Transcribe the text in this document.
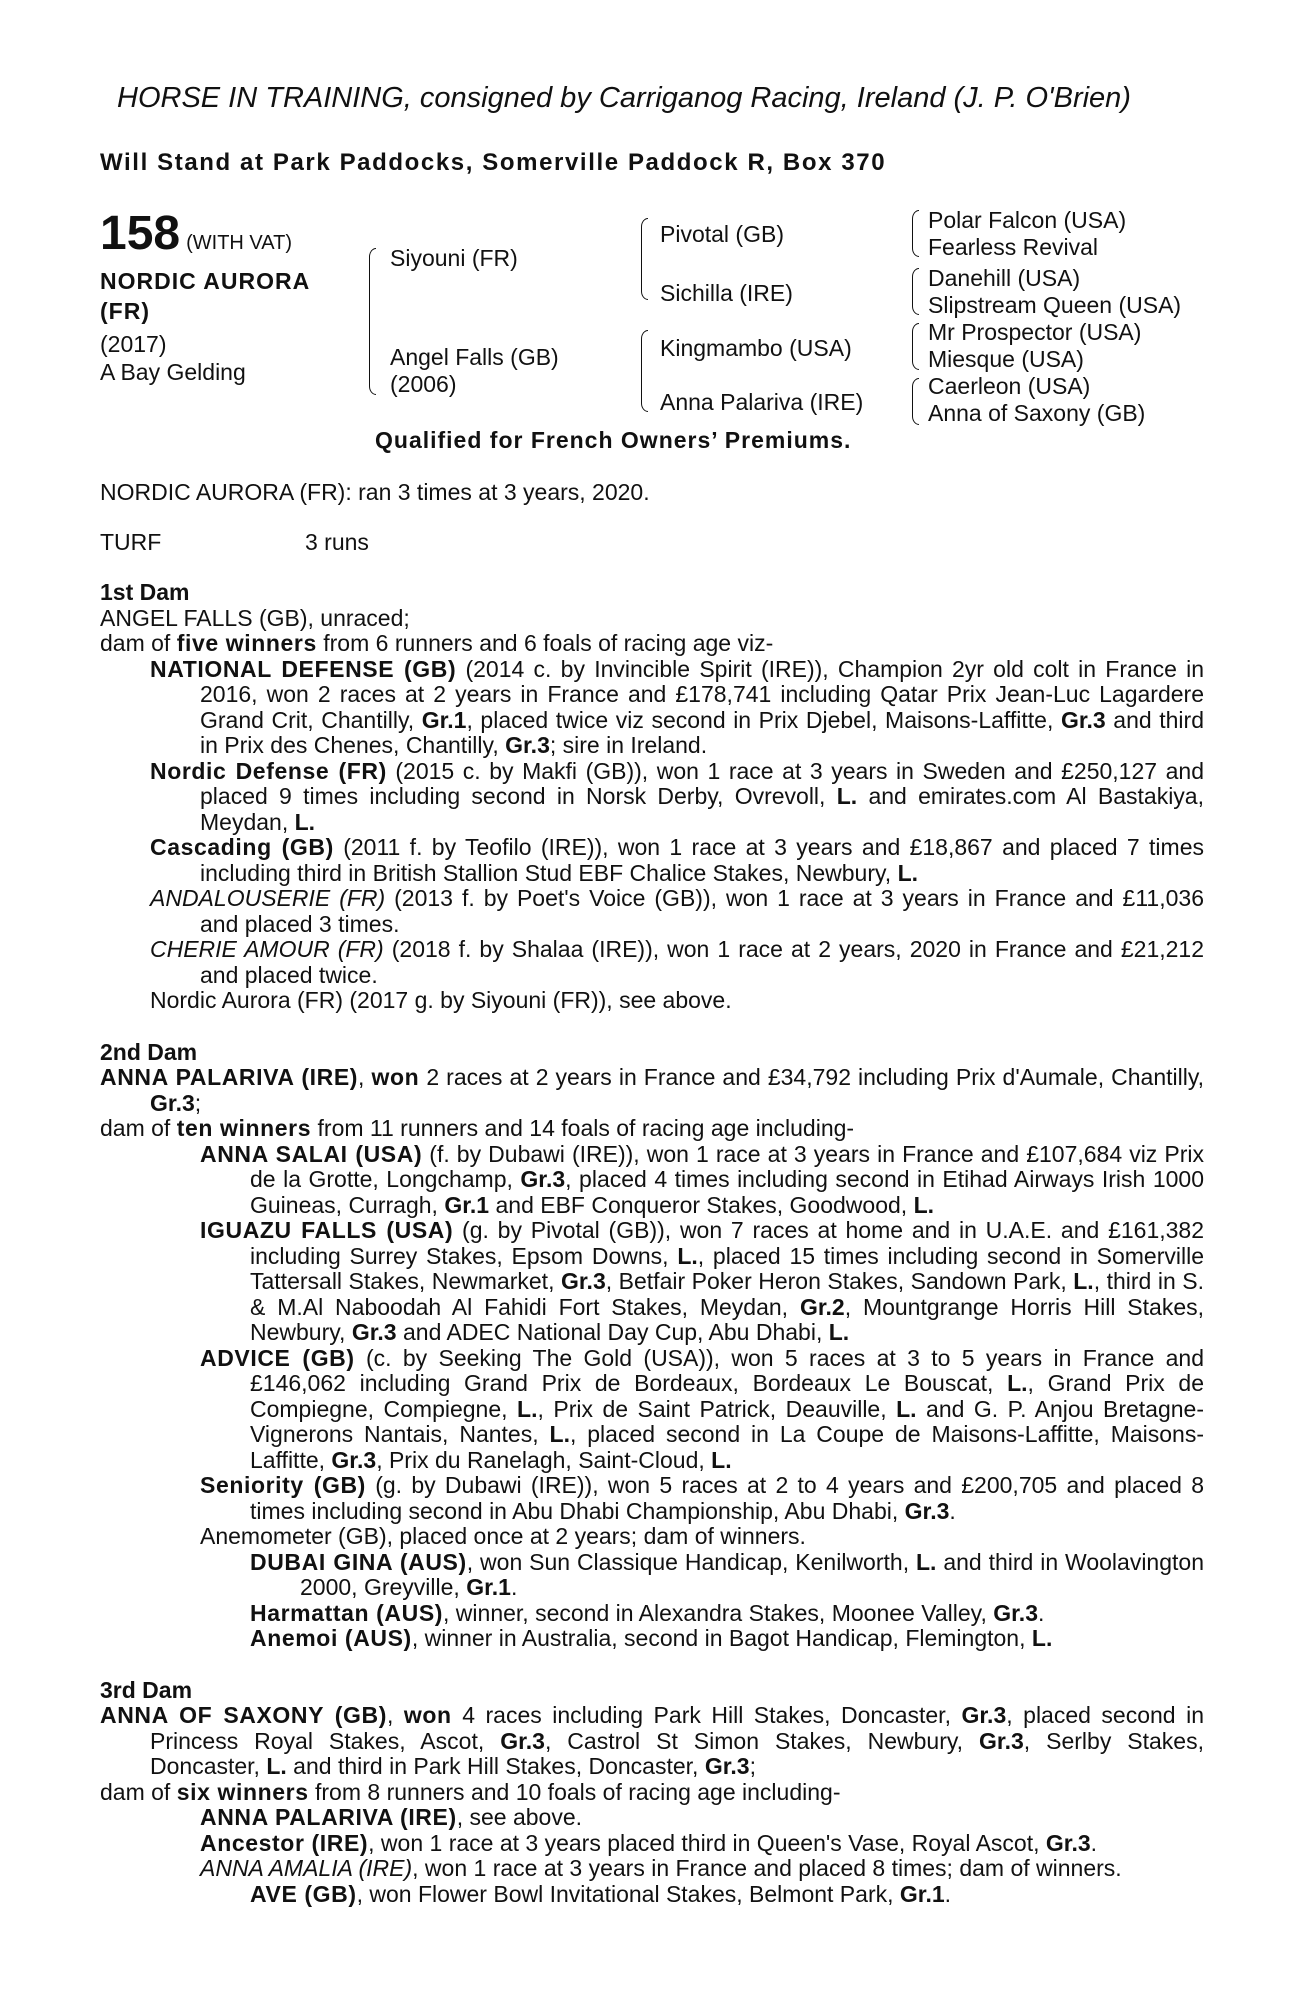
HORSE IN TRAINING, consigned by Carriganog Racing, Ireland (J. P. O'Brien)
Will Stand at Park Paddocks, Somerville Paddock R, Box 370
158 (WITH VAT)
NORDIC AURORA
(FR)
(2017)
A Bay Gelding
Siyouni (FR)
Angel Falls (GB)
(2006)
Pivotal (GB)
Sichilla (IRE)
Kingmambo (USA)
Anna Palariva (IRE)
Polar Falcon (USA)
Fearless Revival
Danehill (USA)
Slipstream Queen (USA)
Mr Prospector (USA)
Miesque (USA)
Caerleon (USA)
Anna of Saxony (GB)
Qualified for French Owners’ Premiums.
NORDIC AURORA (FR): ran 3 times at 3 years, 2020.
TURF	3 runs
1st Dam
ANGEL FALLS (GB), unraced;
dam of five winners from 6 runners and 6 foals of racing age viz-
NATIONAL DEFENSE (GB) (2014 c. by Invincible Spirit (IRE)), Champion 2yr old colt in France in 2016, won 2 races at 2 years in France and £178,741 including Qatar Prix Jean-Luc Lagardere Grand Crit, Chantilly, Gr.1, placed twice viz second in Prix Djebel, Maisons-Laffitte, Gr.3 and third in Prix des Chenes, Chantilly, Gr.3; sire in Ireland.
Nordic Defense (FR) (2015 c. by Makfi (GB)), won 1 race at 3 years in Sweden and £250,127 and placed 9 times including second in Norsk Derby, Ovrevoll, L. and emirates.com Al Bastakiya, Meydan, L.
Cascading (GB) (2011 f. by Teofilo (IRE)), won 1 race at 3 years and £18,867 and placed 7 times including third in British Stallion Stud EBF Chalice Stakes, Newbury, L.
ANDALOUSERIE (FR) (2013 f. by Poet's Voice (GB)), won 1 race at 3 years in France and £11,036 and placed 3 times.
CHERIE AMOUR (FR) (2018 f. by Shalaa (IRE)), won 1 race at 2 years, 2020 in France and £21,212 and placed twice.
Nordic Aurora (FR) (2017 g. by Siyouni (FR)), see above.
2nd Dam
ANNA PALARIVA (IRE), won 2 races at 2 years in France and £34,792 including Prix d'Aumale, Chantilly, Gr.3;
dam of ten winners from 11 runners and 14 foals of racing age including-
ANNA SALAI (USA) (f. by Dubawi (IRE)), won 1 race at 3 years in France and £107,684 viz Prix de la Grotte, Longchamp, Gr.3, placed 4 times including second in Etihad Airways Irish 1000 Guineas, Curragh, Gr.1 and EBF Conqueror Stakes, Goodwood, L.
IGUAZU FALLS (USA) (g. by Pivotal (GB)), won 7 races at home and in U.A.E. and £161,382 including Surrey Stakes, Epsom Downs, L., placed 15 times including second in Somerville Tattersall Stakes, Newmarket, Gr.3, Betfair Poker Heron Stakes, Sandown Park, L., third in S. & M.Al Naboodah Al Fahidi Fort Stakes, Meydan, Gr.2, Mountgrange Horris Hill Stakes, Newbury, Gr.3 and ADEC National Day Cup, Abu Dhabi, L.
ADVICE (GB) (c. by Seeking The Gold (USA)), won 5 races at 3 to 5 years in France and £146,062 including Grand Prix de Bordeaux, Bordeaux Le Bouscat, L., Grand Prix de Compiegne, Compiegne, L., Prix de Saint Patrick, Deauville, L. and G. P. Anjou Bretagne-Vignerons Nantais, Nantes, L., placed second in La Coupe de Maisons-Laffitte, Maisons-Laffitte, Gr.3, Prix du Ranelagh, Saint-Cloud, L.
Seniority (GB) (g. by Dubawi (IRE)), won 5 races at 2 to 4 years and £200,705 and placed 8 times including second in Abu Dhabi Championship, Abu Dhabi, Gr.3.
Anemometer (GB), placed once at 2 years; dam of winners.
DUBAI GINA (AUS), won Sun Classique Handicap, Kenilworth, L. and third in Woolavington 2000, Greyville, Gr.1.
Harmattan (AUS), winner, second in Alexandra Stakes, Moonee Valley, Gr.3.
Anemoi (AUS), winner in Australia, second in Bagot Handicap, Flemington, L.
3rd Dam
ANNA OF SAXONY (GB), won 4 races including Park Hill Stakes, Doncaster, Gr.3, placed second in Princess Royal Stakes, Ascot, Gr.3, Castrol St Simon Stakes, Newbury, Gr.3, Serlby Stakes, Doncaster, L. and third in Park Hill Stakes, Doncaster, Gr.3;
dam of six winners from 8 runners and 10 foals of racing age including-
ANNA PALARIVA (IRE), see above.
Ancestor (IRE), won 1 race at 3 years placed third in Queen's Vase, Royal Ascot, Gr.3.
ANNA AMALIA (IRE), won 1 race at 3 years in France and placed 8 times; dam of winners.
AVE (GB), won Flower Bowl Invitational Stakes, Belmont Park, Gr.1.
